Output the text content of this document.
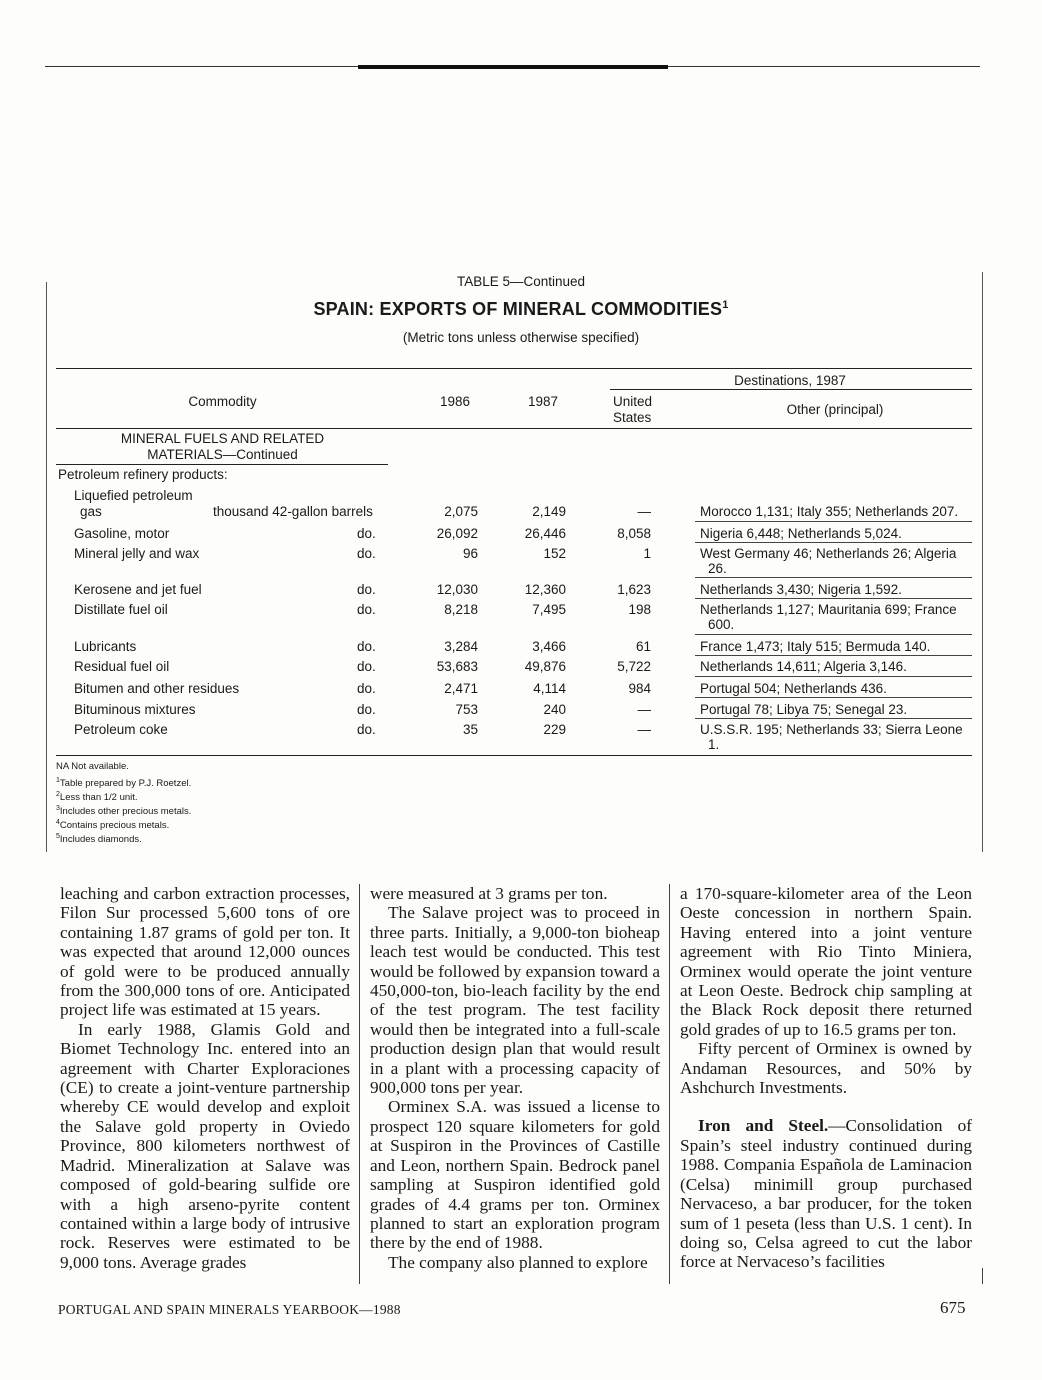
TABLE 5—Continued
SPAIN: EXPORTS OF MINERAL COMMODITIES$^1$
(Metric tons unless otherwise specified)
Commodity	1986	1987
Destinations, 1987
United States
Other (principal)
MINERAL FUELS AND RELATED MATERIALS—Continued
Petroleum refinery products:
Liquefied petroleum
gas	thousand 42-gallon barrels	2,075	2,149	—	Morocco 1,131; Italy 355; Netherlands 207.
Gasoline, motor	do.	26,092	26,446	8,058	Nigeria 6,448; Netherlands 5,024.
Mineral jelly and wax	do.	96	152	1	West Germany 46; Netherlands 26; Algeria
26.
Kerosene and jet fuel	do.	12,030	12,360	1,623	Netherlands 3,430; Nigeria 1,592.
Distillate fuel oil	do.	8,218	7,495	198	Netherlands 1,127; Mauritania 699; France
600.
Lubricants	do.	3,284	3,466	61	France 1,473; Italy 515; Bermuda 140.
Residual fuel oil	do.	53,683	49,876	5,722	Netherlands 14,611; Algeria 3,146.
Bitumen and other residues	do.	2,471	4,114	984	Portugal 504; Netherlands 436.
Bituminous mixtures	do.	753	240	—	Portugal 78; Libya 75; Senegal 23.
Petroleum coke	do.	35	229	—	U.S.S.R. 195; Netherlands 33; Sierra Leone
1.
NA Not available.
$^1$Table prepared by P.J. Roetzel.
$^2$Less than 1/2 unit.
$^3$Includes other precious metals.
$^4$Contains precious metals.
$^5$Includes diamonds.

leaching and carbon extraction processes, Filon Sur processed 5,600 tons of ore containing 1.87 grams of gold per ton. It was expected that around 12,000 ounces of gold were to be produced annually from the 300,000 tons of ore. Anticipated project life was estimated at 15 years.

In early 1988, Glamis Gold and Biomet Technology Inc. entered into an agreement with Charter Exploraciones (CE) to create a joint-venture partnership whereby CE would develop and exploit the Salave gold property in Oviedo Province, 800 kilometers northwest of Madrid. Mineralization at Salave was composed of gold-bearing sulfide ore with a high arseno-pyrite content contained within a large body of intrusive rock. Reserves were estimated to be 9,000 tons. Average grades

were measured at 3 grams per ton.

The Salave project was to proceed in three parts. Initially, a 9,000-ton bioheap leach test would be conducted. This test would be followed by expansion toward a 450,000-ton, bio-leach facility by the end of the test program. The test facility would then be integrated into a full-scale production design plan that would result in a plant with a processing capacity of 900,000 tons per year.

Orminex S.A. was issued a license to prospect 120 square kilometers for gold at Suspiron in the Provinces of Castille and Leon, northern Spain. Bedrock panel sampling at Suspiron identified gold grades of 4.4 grams per ton. Orminex planned to start an exploration program there by the end of 1988.

The company also planned to explore

a 170-square-kilometer area of the Leon Oeste concession in northern Spain. Having entered into a joint venture agreement with Rio Tinto Miniera, Orminex would operate the joint venture at Leon Oeste. Bedrock chip sampling at the Black Rock deposit there returned gold grades of up to 16.5 grams per ton.

Fifty percent of Orminex is owned by Andaman Resources, and 50% by Ashchurch Investments.

Iron and Steel.—Consolidation of Spain’s steel industry continued during 1988. Compania Española de Laminacion (Celsa) minimill group purchased Nervaceso, a bar producer, for the token sum of 1 peseta (less than U.S. 1 cent). In doing so, Celsa agreed to cut the labor force at Nervaceso’s facilities

PORTUGAL AND SPAIN MINERALS YEARBOOK—1988	675
